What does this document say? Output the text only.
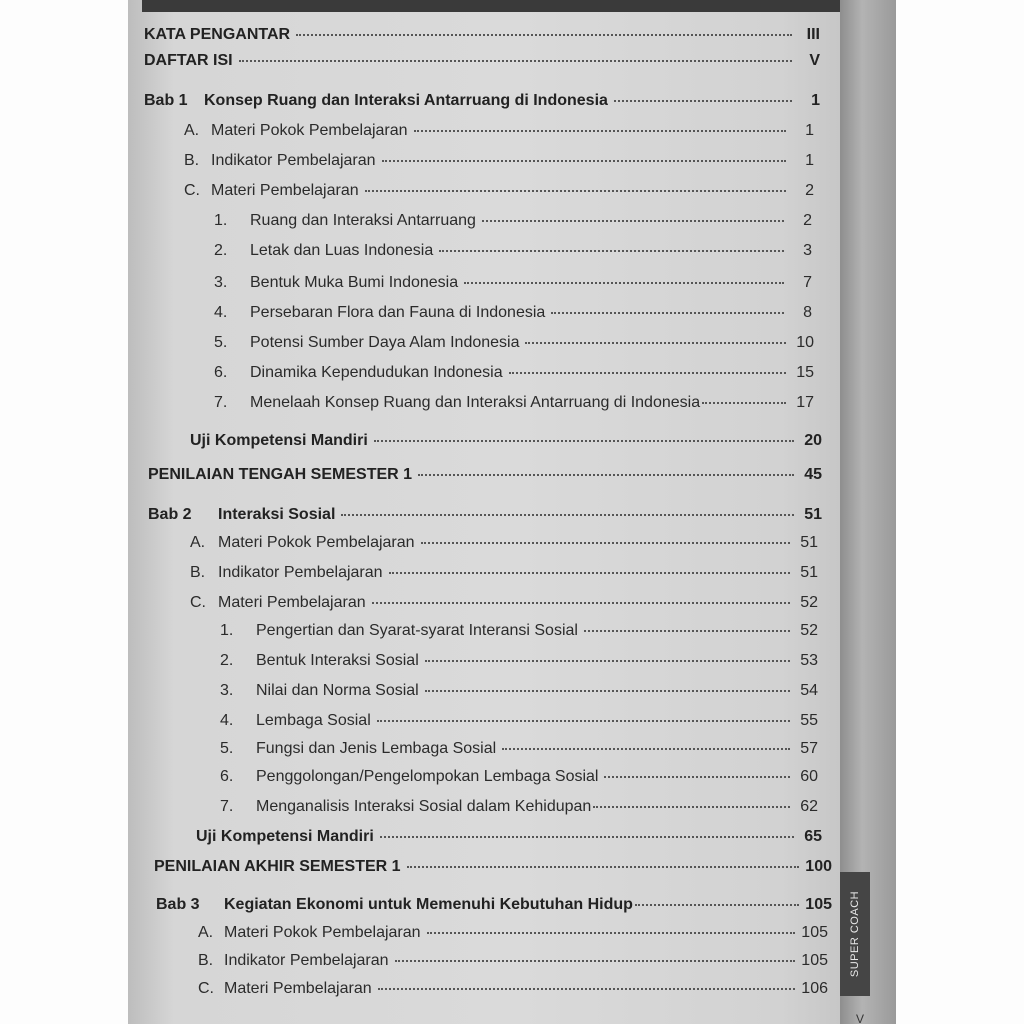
SUPER COACH
V
KATA PENGANTAR	III
DAFTAR ISI	V
Bab 1	Konsep Ruang dan Interaksi Antarruang di Indonesia	1
A. Materi Pokok Pembelajaran	1
B. Indikator Pembelajaran	1
C. Materi Pembelajaran	2
1.	Ruang dan Interaksi Antarruang	2
2.	Letak dan Luas Indonesia	3
3.	Bentuk Muka Bumi Indonesia	7
4.	Persebaran Flora dan Fauna di Indonesia	8
5.	Potensi Sumber Daya Alam Indonesia	10
6.	Dinamika Kependudukan Indonesia	15
7.	Menelaah Konsep Ruang dan Interaksi Antarruang di Indonesia	17
Uji Kompetensi Mandiri	20
PENILAIAN TENGAH SEMESTER 1	45
Bab 2	Interaksi Sosial	51
A. Materi Pokok Pembelajaran	51
B. Indikator Pembelajaran	51
C. Materi Pembelajaran	52
1.	Pengertian dan Syarat-syarat Interansi Sosial	52
2.	Bentuk Interaksi Sosial	53
3.	Nilai dan Norma Sosial	54
4.	Lembaga Sosial	55
5.	Fungsi dan Jenis Lembaga Sosial	57
6.	Penggolongan/Pengelompokan Lembaga Sosial	60
7.	Menganalisis Interaksi Sosial dalam Kehidupan	62
Uji Kompetensi Mandiri	65
PENILAIAN AKHIR SEMESTER 1	100
Bab 3	Kegiatan Ekonomi untuk Memenuhi Kebutuhan Hidup	105
A. Materi Pokok Pembelajaran	105
B. Indikator Pembelajaran	105
C. Materi Pembelajaran	106
